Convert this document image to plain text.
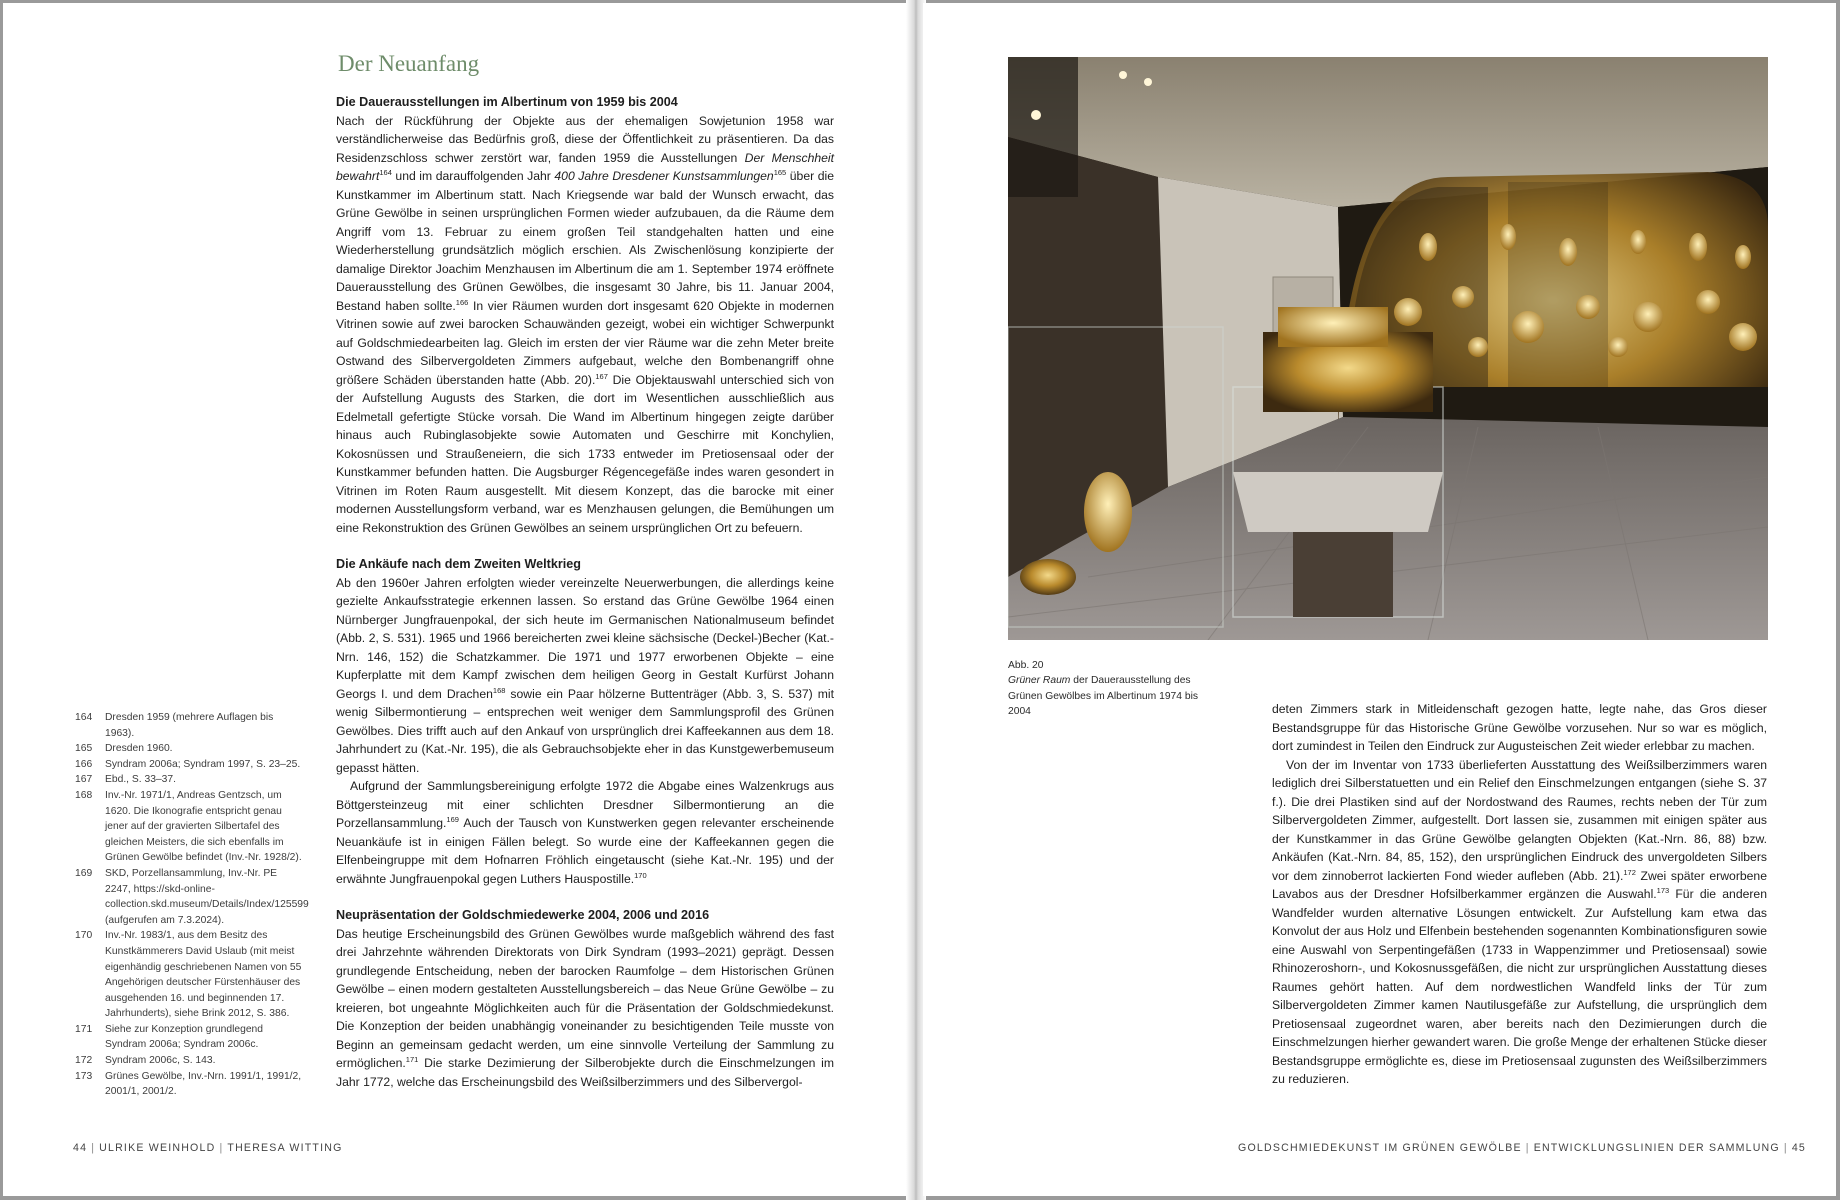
Der Neuanfang
Die Dauerausstellungen im Albertinum von 1959 bis 2004

Nach der Rückführung der Objekte aus der ehemaligen Sowjetunion 1958 war verständlicherweise das Bedürfnis groß, diese der Öffentlichkeit zu präsentieren. Da das Residenzschloss schwer zerstört war, fanden 1959 die Ausstellungen Der Menschheit bewahrt$^{164}$ und im darauffolgenden Jahr 400 Jahre Dresdener Kunstsammlungen$^{165}$ über die Kunstkammer im Albertinum statt. Nach Kriegsende war bald der Wunsch erwacht, das Grüne Gewölbe in seinen ursprünglichen Formen wieder aufzubauen, da die Räume dem Angriff vom 13. Februar zu einem großen Teil standgehalten hatten und eine Wiederherstellung grundsätzlich möglich erschien. Als Zwischenlösung konzipierte der damalige Direktor Joachim Menzhausen im Albertinum die am 1. September 1974 eröffnete Dauerausstellung des Grünen Gewölbes, die insgesamt 30 Jahre, bis 11. Januar 2004, Bestand haben sollte.$^{166}$ In vier Räumen wurden dort insgesamt 620 Objekte in modernen Vitrinen sowie auf zwei barocken Schauwänden gezeigt, wobei ein wichtiger Schwerpunkt auf Goldschmiedearbeiten lag. Gleich im ersten der vier Räume war die zehn Meter breite Ostwand des Silbervergoldeten Zimmers aufgebaut, welche den Bombenangriff ohne größere Schäden überstanden hatte (Abb. 20).$^{167}$ Die Objektauswahl unterschied sich von der Aufstellung Augusts des Starken, die dort im Wesentlichen ausschließlich aus Edelmetall gefertigte Stücke vorsah. Die Wand im Albertinum hingegen zeigte darüber hinaus auch Rubinglasobjekte sowie Automaten und Geschirre mit Konchylien, Kokosnüssen und Straußeneiern, die sich 1733 entweder im Pretiosensaal oder der Kunstkammer befunden hatten. Die Augsburger Régencegefäße indes waren gesondert in Vitrinen im Roten Raum ausgestellt. Mit diesem Konzept, das die barocke mit einer modernen Ausstellungsform verband, war es Menzhausen gelungen, die Bemühungen um eine Rekonstruktion des Grünen Gewölbes an seinem ursprünglichen Ort zu befeuern.

Die Ankäufe nach dem Zweiten Weltkrieg

Ab den 1960er Jahren erfolgten wieder vereinzelte Neuerwerbungen, die allerdings keine gezielte Ankaufsstrategie erkennen lassen. So erstand das Grüne Gewölbe 1964 einen Nürnberger Jungfrauenpokal, der sich heute im Germanischen Nationalmuseum befindet (Abb. 2, S. 531). 1965 und 1966 bereicherten zwei kleine sächsische (Deckel-)Becher (Kat.-Nrn. 146, 152) die Schatzkammer. Die 1971 und 1977 erworbenen Objekte – eine Kupferplatte mit dem Kampf zwischen dem heiligen Georg in Gestalt Kurfürst Johann Georgs I. und dem Drachen$^{168}$ sowie ein Paar hölzerne Buttenträger (Abb. 3, S. 537) mit wenig Silbermontierung – entsprechen weit weniger dem Sammlungsprofil des Grünen Gewölbes. Dies trifft auch auf den Ankauf von ursprünglich drei Kaffeekannen aus dem 18. Jahrhundert zu (Kat.-Nr. 195), die als Gebrauchsobjekte eher in das Kunstgewerbemuseum gepasst hätten.

Aufgrund der Sammlungsbereinigung erfolgte 1972 die Abgabe eines Walzenkrugs aus Böttgersteinzeug mit einer schlichten Dresdner Silbermontierung an die Porzellansammlung.$^{169}$ Auch der Tausch von Kunstwerken gegen relevanter erscheinende Neuankäufe ist in einigen Fällen belegt. So wurde eine der Kaffeekannen gegen die Elfenbeingruppe mit dem Hofnarren Fröhlich eingetauscht (siehe Kat.-Nr. 195) und der erwähnte Jungfrauenpokal gegen Luthers Hauspostille.$^{170}$

Neupräsentation der Goldschmiedewerke 2004, 2006 und 2016

Das heutige Erscheinungsbild des Grünen Gewölbes wurde maßgeblich während des fast drei Jahrzehnte währenden Direktorats von Dirk Syndram (1993–2021) geprägt. Dessen grundlegende Entscheidung, neben der barocken Raumfolge – dem Historischen Grünen Gewölbe – einen modern gestalteten Ausstellungsbereich – das Neue Grüne Gewölbe – zu kreieren, bot ungeahnte Möglichkeiten auch für die Präsentation der Goldschmiedekunst. Die Konzeption der beiden unabhängig voneinander zu besichtigenden Teile musste von Beginn an gemeinsam gedacht werden, um eine sinnvolle Verteilung der Sammlung zu ermöglichen.$^{171}$ Die starke Dezimierung der Silberobjekte durch die Einschmelzungen im Jahr 1772, welche das Erscheinungsbild des Weißsilberzimmers und des Silbervergol-

164 Dresden 1959 (mehrere Auflagen bis 1963).
165 Dresden 1960.
166 Syndram 2006a; Syndram 1997, S. 23–25.
167 Ebd., S. 33–37.
168 Inv.-Nr. 1971/1, Andreas Gentzsch, um 1620. Die Ikonografie entspricht genau jener auf der gravierten Silbertafel des gleichen Meisters, die sich ebenfalls im Grünen Gewölbe befindet (Inv.-Nr. 1928/2).
169 SKD, Porzellansammlung, Inv.-Nr. PE 2247, https://skd-online-collection.skd.museum/Details/Index/125599 (aufgerufen am 7.3.2024).
170 Inv.-Nr. 1983/1, aus dem Besitz des Kunstkämmerers David Uslaub (mit meist eigenhändig geschriebenen Namen von 55 Angehörigen deutscher Fürstenhäuser des ausgehenden 16. und beginnenden 17. Jahrhunderts), siehe Brink 2012, S. 386.
171 Siehe zur Konzeption grundlegend Syndram 2006a; Syndram 2006c.
172 Syndram 2006c, S. 143.
173 Grünes Gewölbe, Inv.-Nrn. 1991/1, 1991/2, 2001/1, 2001/2.
44 | ULRIKE WEINHOLD | THERESA WITTING
Abb. 20
Grüner Raum der Dauerausstellung des Grünen Gewölbes im Albertinum 1974 bis 2004	deten Zimmers stark in Mitleidenschaft gezogen hatte, legte nahe, das Gros dieser Bestandsgruppe für das Historische Grüne Gewölbe vorzusehen. Nur so war es möglich, dort zumindest in Teilen den Eindruck zur Augusteischen Zeit wieder erlebbar zu machen.

Von der im Inventar von 1733 überlieferten Ausstattung des Weißsilberzimmers waren lediglich drei Silberstatuetten und ein Relief den Einschmelzungen entgangen (siehe S. 37 f.). Die drei Plastiken sind auf der Nordostwand des Raumes, rechts neben der Tür zum Silbervergoldeten Zimmer, aufgestellt. Dort lassen sie, zusammen mit einigen später aus der Kunstkammer in das Grüne Gewölbe gelangten Objekten (Kat.-Nrn. 86, 88) bzw. Ankäufen (Kat.-Nrn. 84, 85, 152), den ursprünglichen Eindruck des unvergoldeten Silbers vor dem zinnoberrot lackierten Fond wieder aufleben (Abb. 21).$^{172}$ Zwei später erworbene Lavabos aus der Dresdner Hofsilberkammer ergänzen die Auswahl.$^{173}$ Für die anderen Wandfelder wurden alternative Lösungen entwickelt. Zur Aufstellung kam etwa das Konvolut der aus Holz und Elfenbein bestehenden sogenannten Kombinationsfiguren sowie eine Auswahl von Serpentingefäßen (1733 in Wappenzimmer und Pretiosensaal) sowie Rhinozeroshorn-, und Kokosnussgefäßen, die nicht zur ursprünglichen Ausstattung dieses Raumes gehört hatten. Auf dem nordwestlichen Wandfeld links der Tür zum Silbervergoldeten Zimmer kamen Nautilusgefäße zur Aufstellung, die ursprünglich dem Pretiosensaal zugeordnet waren, aber bereits nach den Dezimierungen durch die Einschmelzungen hierher gewandert waren. Die große Menge der erhaltenen Stücke dieser Bestandsgruppe ermöglichte es, diese im Pretiosensaal zugunsten des Weißsilberzimmers zu reduzieren.

GOLDSCHMIEDEKUNST IM GRÜNEN GEWÖLBE | ENTWICKLUNGSLINIEN DER SAMMLUNG | 45
